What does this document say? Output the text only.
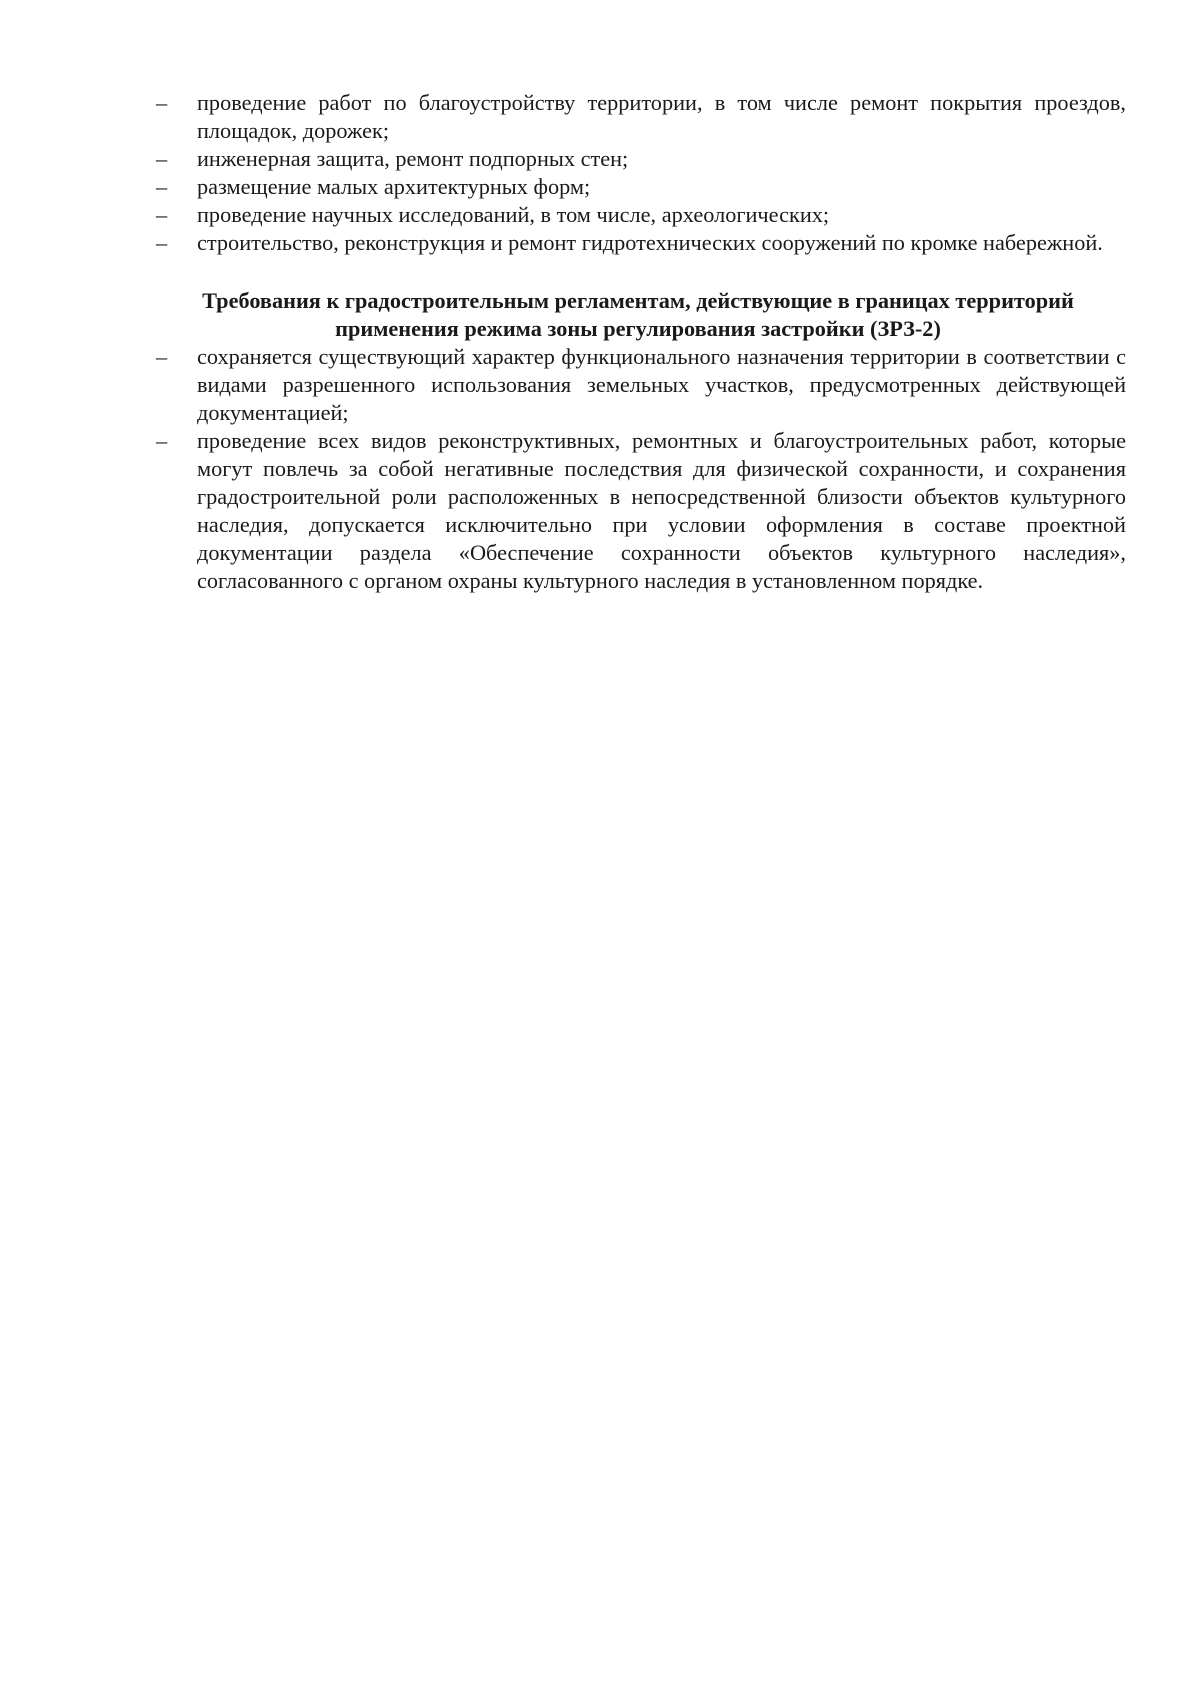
–	проведение работ по благоустройству территории, в том числе ремонт покрытия проездов, площадок, дорожек;
–	инженерная защита, ремонт подпорных стен;
–	размещение малых архитектурных форм;
–	проведение научных исследований, в том числе, археологических;
–	строительство, реконструкция и ремонт гидротехнических сооружений по кромке набережной.
Требования к градостроительным регламентам, действующие в границах территорий
применения режима зоны регулирования застройки (ЗРЗ-2)
–	сохраняется существующий характер функционального назначения территории в соответствии с видами разрешенного использования земельных участков, предусмотренных действующей документацией;
–	проведение всех видов реконструктивных, ремонтных и благоустроительных работ, которые могут повлечь за собой негативные последствия для физической сохранности, и сохранения градостроительной роли расположенных в непосредственной близости объектов культурного наследия, допускается исключительно при условии оформления в составе проектной документации раздела «Обеспечение сохранности объектов культурного наследия», согласованного с органом охраны культурного наследия в установленном порядке.
